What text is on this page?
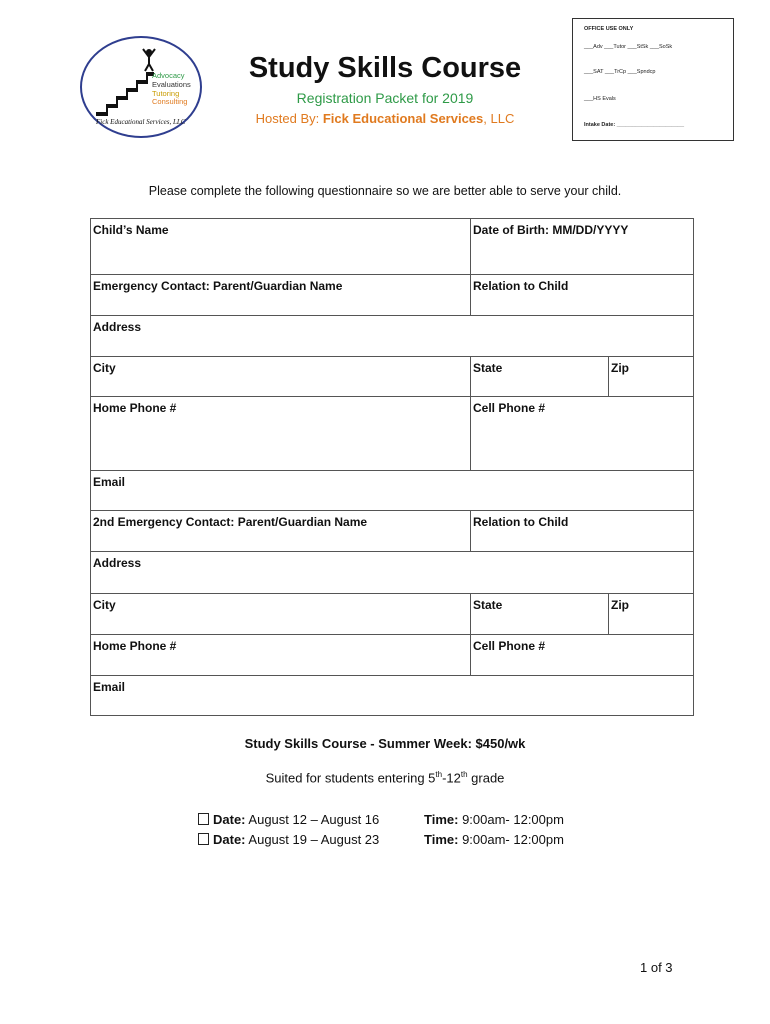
Advocacy
Evaluations
Tutoring
Consulting
Fick Educational Services, LLC
Study Skills Course
Registration Packet for 2019
Hosted By: Fick Educational Services, LLC
OFFICE USE ONLY
___Adv ___Tutor ___StSk ___SoSk
___SAT ___TrCp ___Spndcp
___HS Evals
Intake Date: ______________________
Please complete the following questionnaire so we are better able to serve your child.
Child’s Name	Date of Birth: MM/DD/YYYY
Emergency Contact: Parent/Guardian Name	Relation to Child
Address
City	State	Zip
Home Phone #	Cell Phone #
Email
2nd Emergency Contact: Parent/Guardian Name	Relation to Child
Address
City	State	Zip
Home Phone #	Cell Phone #
Email
Study Skills Course - Summer Week: $450/wk
Suited for students entering 5th-12th grade
Date: August 12 – August 16	Time: 9:00am- 12:00pm
Date: August 19 – August 23	Time: 9:00am- 12:00pm
1 of 3
